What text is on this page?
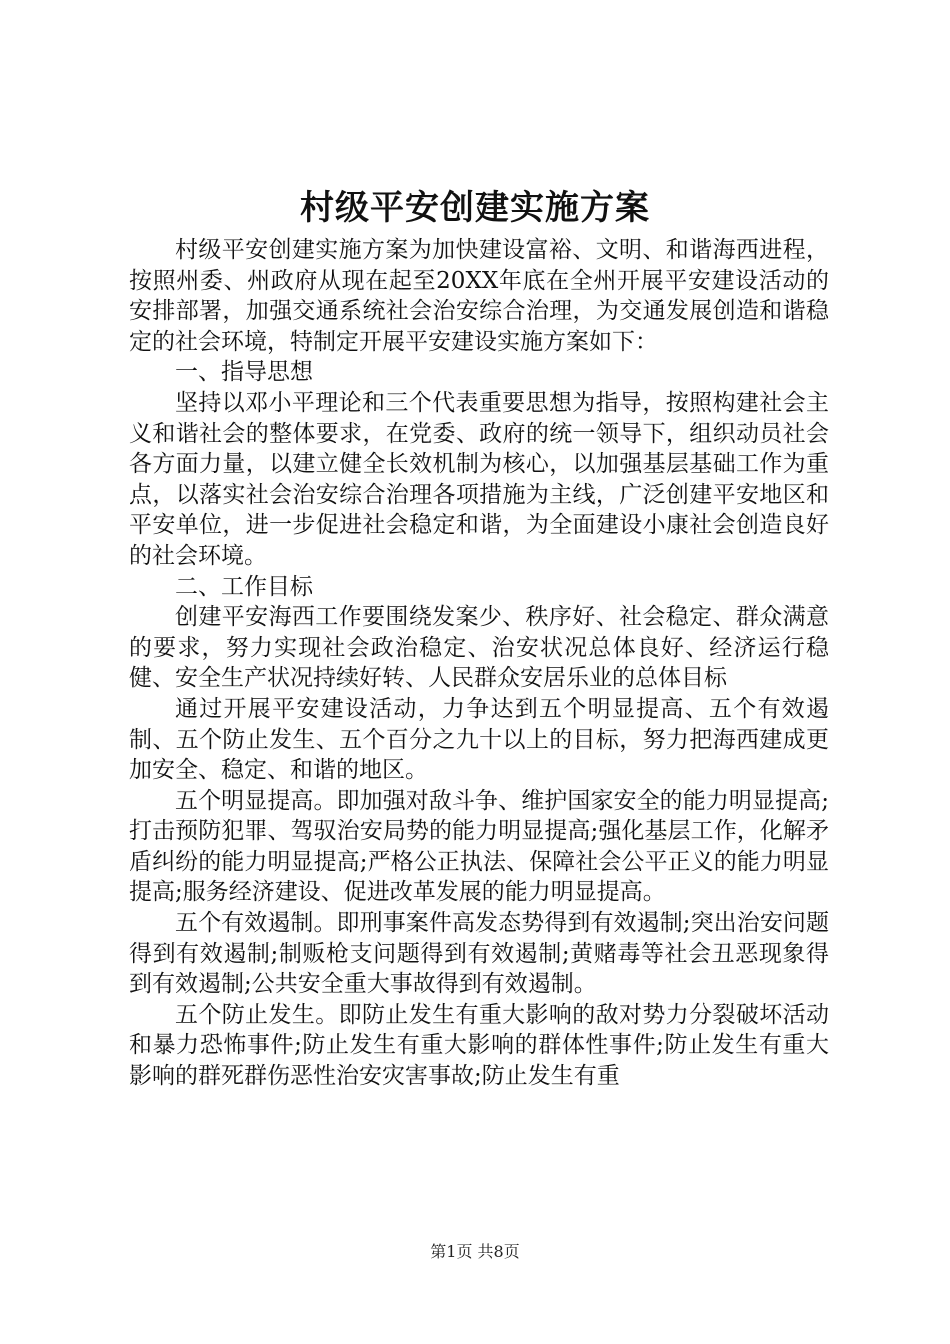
村级平安创建实施方案

村级平安创建实施方案为加快建设富裕、文明、和谐海西进程，按照州委、州政府从现在起至20XX年底在全州开展平安建设活动的安排部署，加强交通系统社会治安综合治理，为交通发展创造和谐稳定的社会环境，特制定开展平安建设实施方案如下：

一、指导思想

坚持以邓小平理论和三个代表重要思想为指导，按照构建社会主义和谐社会的整体要求，在党委、政府的统一领导下，组织动员社会各方面力量，以建立健全长效机制为核心，以加强基层基础工作为重点，以落实社会治安综合治理各项措施为主线，广泛创建平安地区和平安单位，进一步促进社会稳定和谐，为全面建设小康社会创造良好的社会环境。

二、工作目标

创建平安海西工作要围绕发案少、秩序好、社会稳定、群众满意的要求，努力实现社会政治稳定、治安状况总体良好、经济运行稳健、安全生产状况持续好转、人民群众安居乐业的总体目标

通过开展平安建设活动，力争达到五个明显提高、五个有效遏制、五个防止发生、五个百分之九十以上的目标，努力把海西建成更加安全、稳定、和谐的地区。

五个明显提高。即加强对敌斗争、维护国家安全的能力明显提高;打击预防犯罪、驾驭治安局势的能力明显提高;强化基层工作，化解矛盾纠纷的能力明显提高;严格公正执法、保障社会公平正义的能力明显提高;服务经济建设、促进改革发展的能力明显提高。

五个有效遏制。即刑事案件高发态势得到有效遏制;突出治安问题得到有效遏制;制贩枪支问题得到有效遏制;黄赌毒等社会丑恶现象得到有效遏制;公共安全重大事故得到有效遏制。

五个防止发生。即防止发生有重大影响的敌对势力分裂破坏活动和暴力恐怖事件;防止发生有重大影响的群体性事件;防止发生有重大影响的群死群伤恶性治安灾害事故;防止发生有重

第1页 共8页
